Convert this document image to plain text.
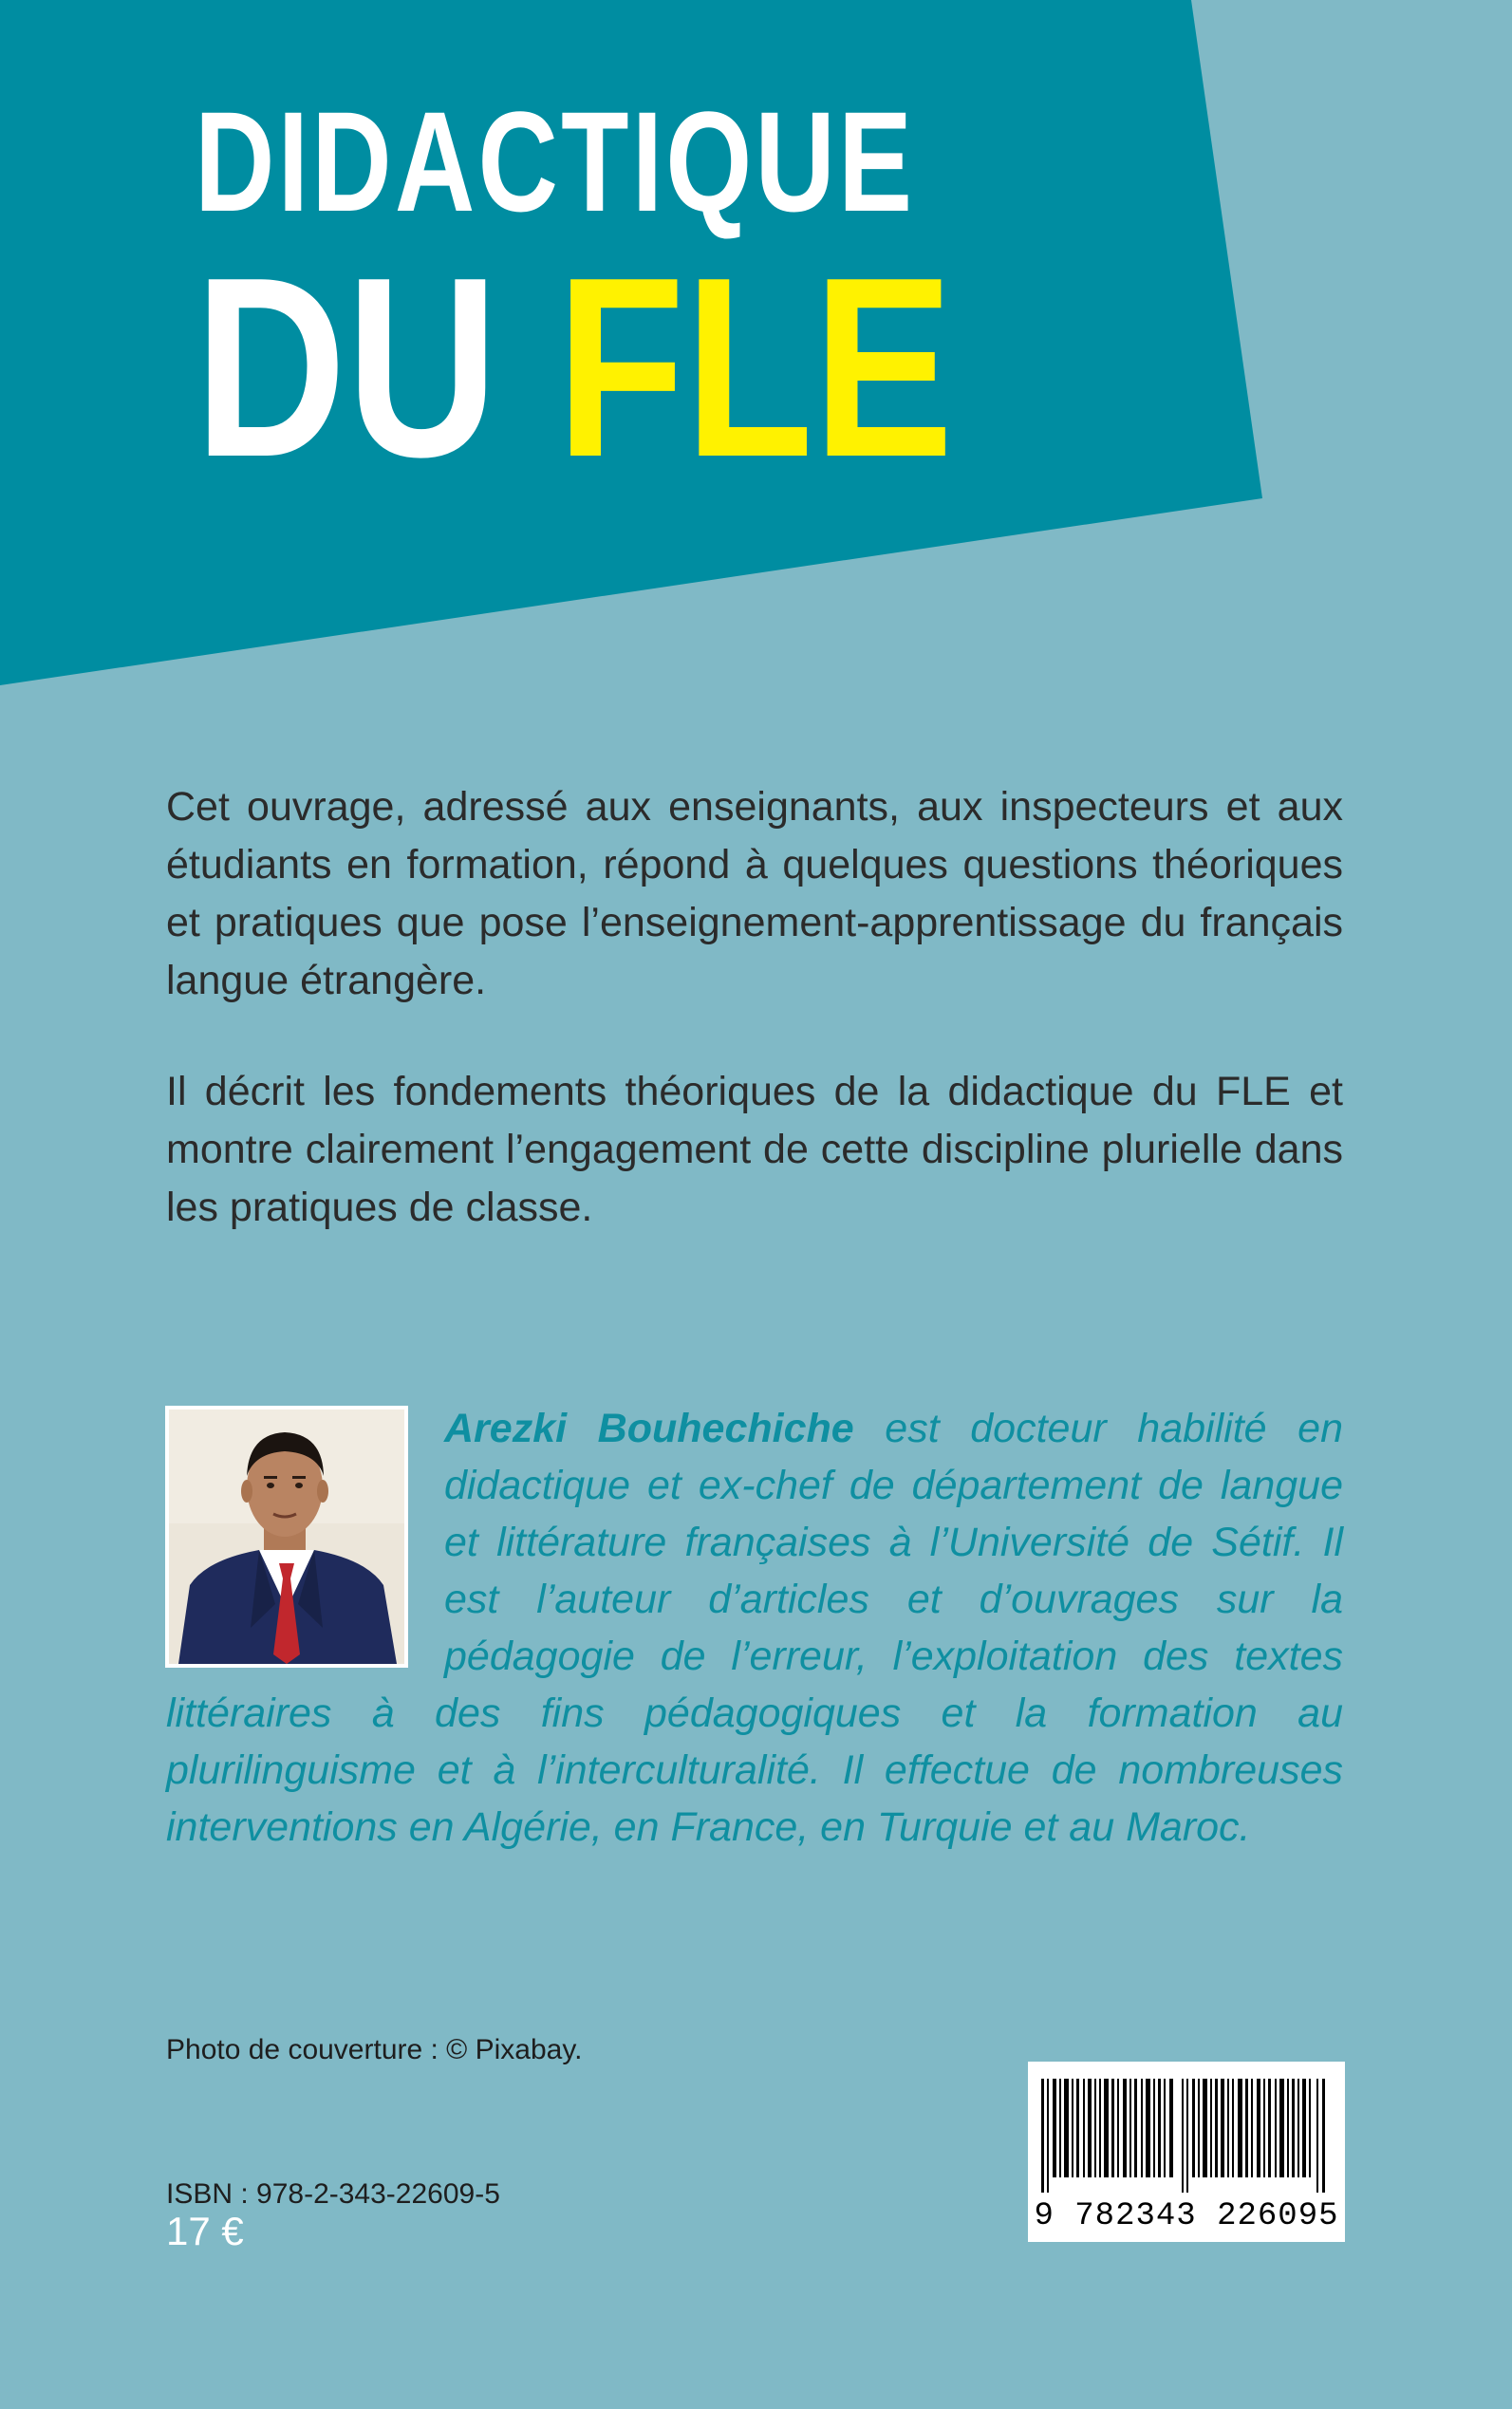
DIDACTIQUE
DU FLE
Cet ouvrage, adressé aux enseignants, aux inspecteurs et aux étudiants en formation, répond à quelques questions théoriques et pratiques que pose l’enseignement-apprentissage du français langue étrangère.
Il décrit les fondements théoriques de la didactique du FLE et montre clairement l’engagement de cette discipline plurielle dans les pratiques de classe.
Arezki Bouhechiche est docteur habilité en didactique et ex-chef de département de langue et littérature françaises à l’Université de Sétif. Il est l’auteur d’articles et d’ouvrages sur la pédagogie de l’erreur, l’exploitation des textes littéraires à des fins pédagogiques et la formation au plurilinguisme et à l’interculturalité. Il effectue de nombreuses interventions en Algérie, en France, en Turquie et au Maroc.
Photo de couverture : © Pixabay.
ISBN : 978-2-343-22609-5
17 €	9 782343 226095
